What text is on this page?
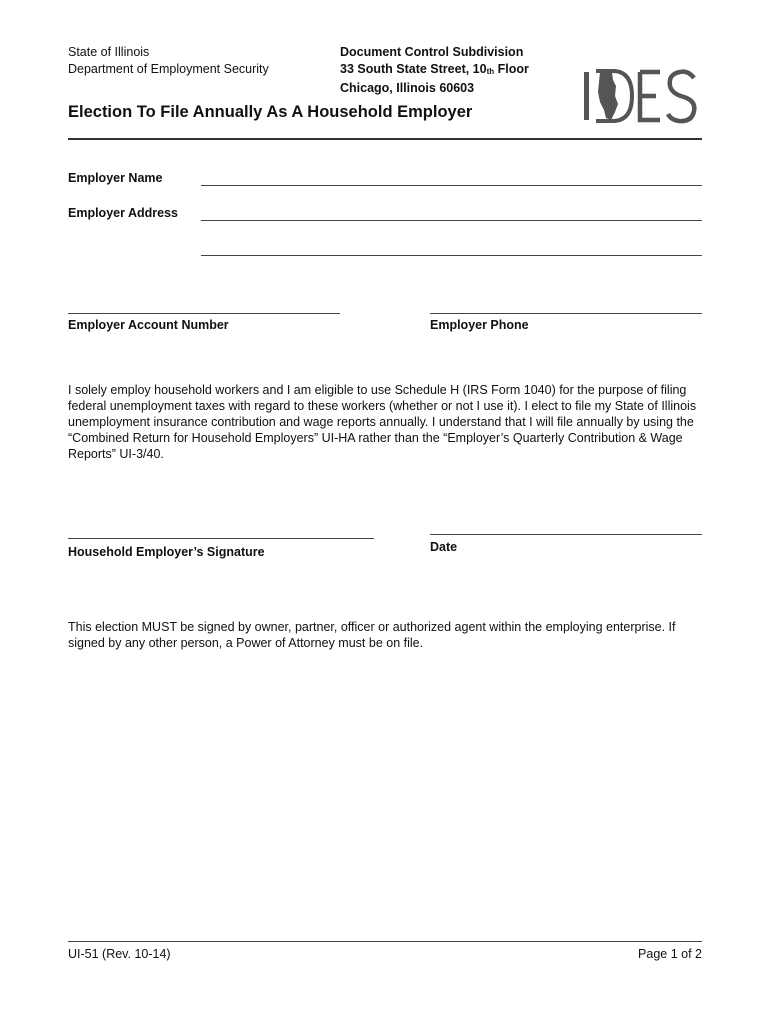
State of Illinois
Department of Employment Security
Document Control Subdivision
33 South State Street, $10_{th}$ Floor
Chicago, Illinois 60603
Election To File Annually As A Household Employer
Employer Name
Employer Address
Employer Account Number	Employer Phone
I solely employ household workers and I am eligible to use Schedule H (IRS Form 1040) for the purpose of filing federal unemployment taxes with regard to these workers (whether or not I use it). I elect to file my State of Illinois unemployment insurance contribution and wage reports annually. I understand that I will file annually by using the “Combined Return for Household Employers” UI-HA rather than the “Employer’s Quarterly Contribution & Wage Reports” UI-3/40.
Household Employer’s Signature	Date
This election MUST be signed by owner, partner, officer or authorized agent within the employing enterprise. If signed by any other person, a Power of Attorney must be on file.
UI-51 (Rev. 10-14)	Page 1 of 2
